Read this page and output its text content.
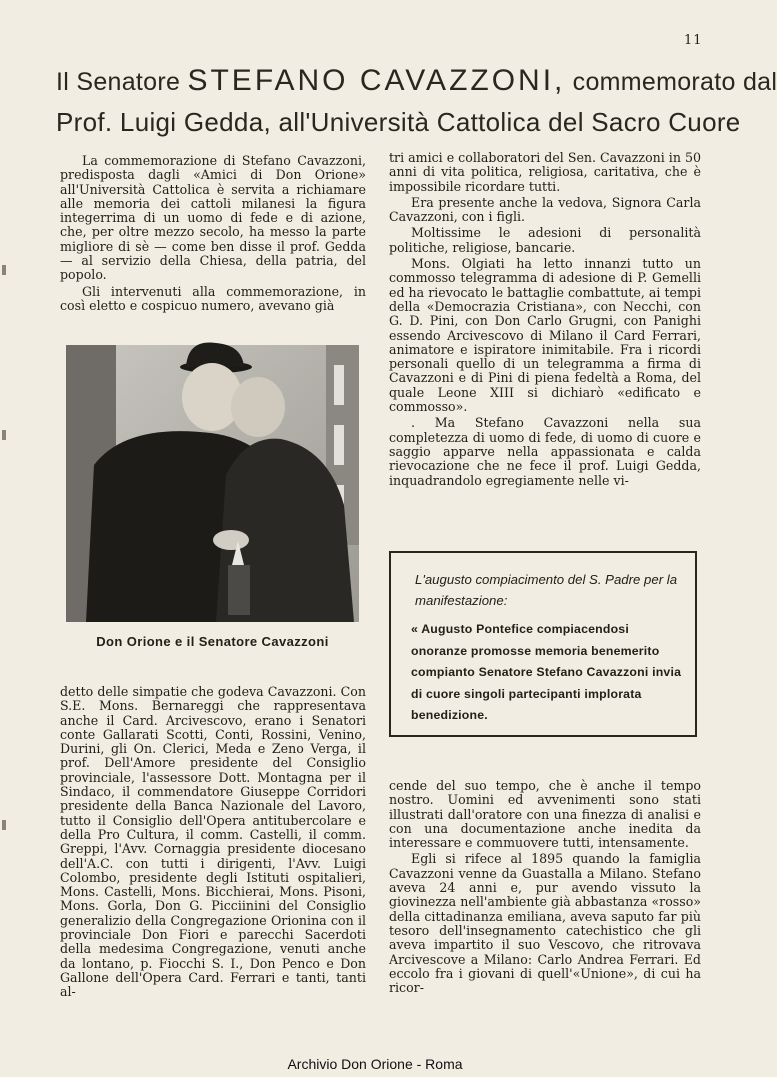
11
Il Senatore STEFANO CAVAZZONI, commemorato dal
Prof. Luigi Gedda, all'Università Cattolica del Sacro Cuore

La commemorazione di Stefano Cavazzoni, predisposta dagli «Amici di Don Orione» all'Università Cattolica è servita a richiamare alle memoria dei cattoli milanesi la figura integerrima di un uomo di fede e di azione, che, per oltre mezzo secolo, ha messo la parte migliore di sè — come ben disse il prof. Gedda — al servizio della Chiesa, della patria, del popolo.

Gli intervenuti alla commemorazione, in così eletto e cospicuo numero, avevano già

Don Orione e il Senatore Cavazzoni

detto delle simpatie che godeva Cavazzoni. Con S.E. Mons. Bernareggi che rappresentava anche il Card. Arcivescovo, erano i Senatori conte Gallarati Scotti, Conti, Rossini, Venino, Durini, gli On. Clerici, Meda e Zeno Verga, il prof. Dell'Amore presidente del Consiglio provinciale, l'assessore Dott. Montagna per il Sindaco, il commendatore Giuseppe Corridori presidente della Banca Nazionale del Lavoro, tutto il Consiglio dell'Opera antitubercolare e della Pro Cultura, il comm. Castelli, il comm. Greppi, l'Avv. Cornaggia presidente diocesano dell'A.C. con tutti i dirigenti, l'Avv. Luigi Colombo, presidente degli Istituti ospitalieri, Mons. Castelli, Mons. Bicchierai, Mons. Pisoni, Mons. Gorla, Don G. Picciinini del Consiglio generalizio della Congregazione Orionina con il provinciale Don Fiori e parecchi Sacerdoti della medesima Congregazione, venuti anche da lontano, p. Fiocchi S. I., Don Penco e Don Gallone dell'Opera Card. Ferrari e tanti, tanti al-

tri amici e collaboratori del Sen. Cavazzoni in 50 anni di vita politica, religiosa, caritativa, che è impossibile ricordare tutti.

Era presente anche la vedova, Signora Carla Cavazzoni, con i figli.

Moltissime le adesioni di personalità politiche, religiose, bancarie.

Mons. Olgiati ha letto innanzi tutto un commosso telegramma di adesione di P. Gemelli ed ha rievocato le battaglie combattute, ai tempi della «Democrazia Cristiana», con Necchi, con G. D. Pini, con Don Carlo Grugni, con Panighi essendo Arcivescovo di Milano il Card Ferrari, animatore e ispiratore inimitabile. Fra i ricordi personali quello di un telegramma a firma di Cavazzoni e di Pini di piena fedeltà a Roma, del quale Leone XIII si dichiarò «edificato e commosso».

. Ma Stefano Cavazzoni nella sua completezza di uomo di fede, di uomo di cuore e saggio apparve nella appassionata e calda rievocazione che ne fece il prof. Luigi Gedda, inquadrandolo egregiamente nelle vi-

L'augusto compiacimento del S. Padre per la manifestazione:
« Augusto Pontefice compiacendosi onoranze promosse memoria benemerito compianto Senatore Stefano Cavazzoni invia di cuore singoli partecipanti implorata benedizione.

cende del suo tempo, che è anche il tempo nostro. Uomini ed avvenimenti sono stati illustrati dall'oratore con una finezza di analisi e con una documentazione anche inedita da interessare e commuovere tutti, intensamente.

Egli si rifece al 1895 quando la famiglia Cavazzoni venne da Guastalla a Milano. Stefano aveva 24 anni e, pur avendo vissuto la giovinezza nell'ambiente già abbastanza «rosso» della cittadinanza emiliana, aveva saputo far più tesoro dell'insegnamento catechistico che gli aveva impartito il suo Vescovo, che ritrovava Arcivescove a Milano: Carlo Andrea Ferrari. Ed eccolo fra i giovani di quell'«Unione», di cui ha ricor-

Archivio Don Orione - Roma
